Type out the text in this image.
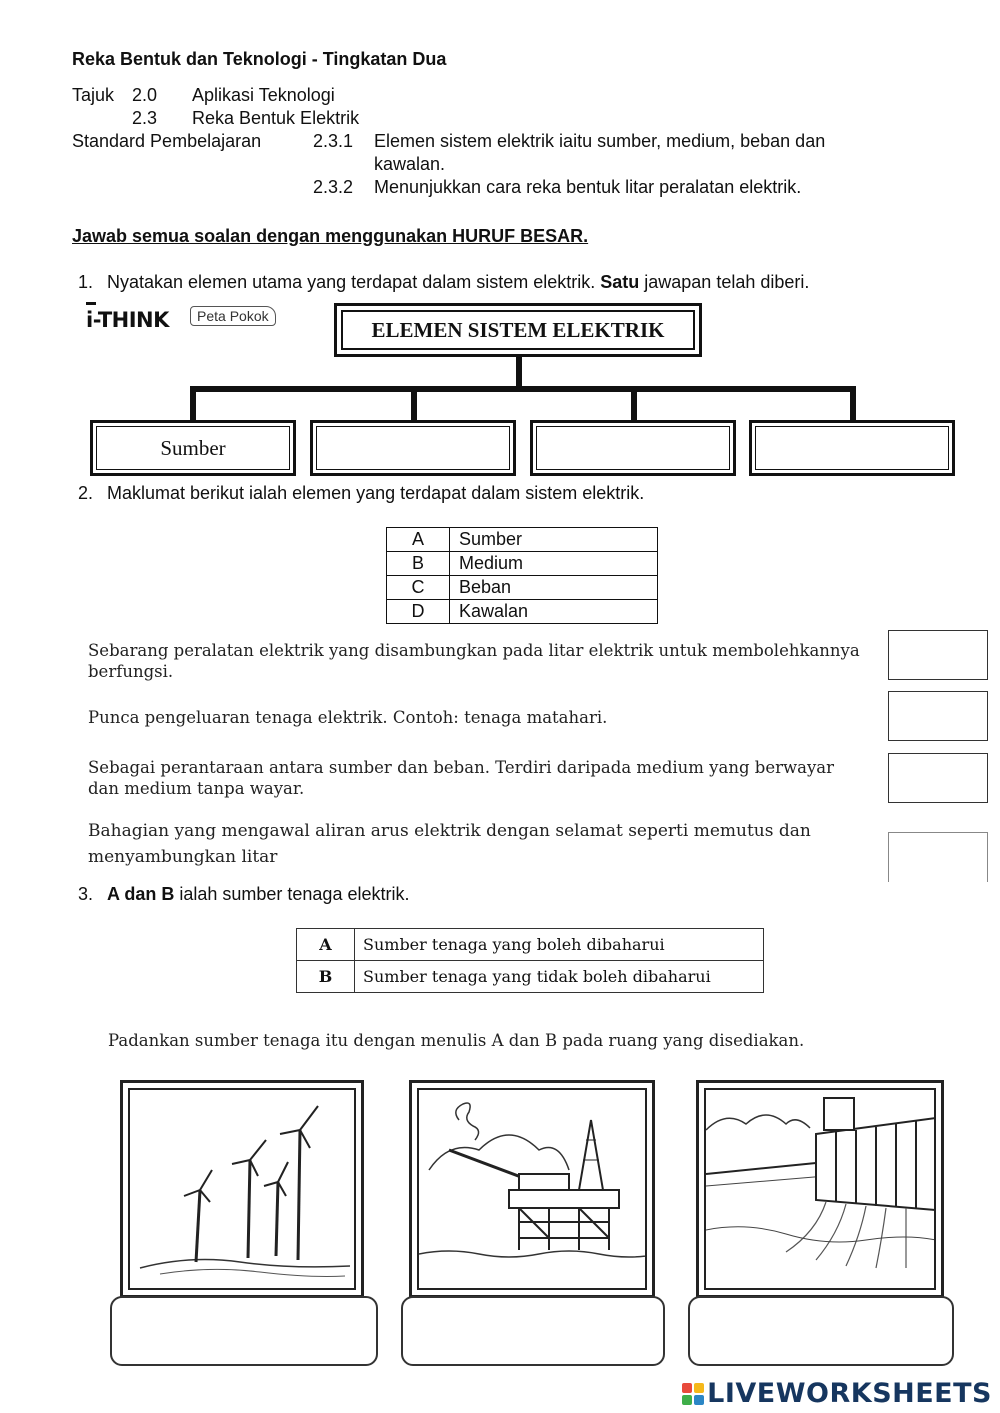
Reka Bentuk dan Teknologi - Tingkatan Dua
Tajuk 2.0 Aplikasi Teknologi
2.3 Reka Bentuk Elektrik
Standard Pembelajaran	2.3.1 Elemen sistem elektrik iaitu sumber, medium, beban dan
kawalan.
2.3.2 Menunjukkan cara reka bentuk litar peralatan elektrik.
Jawab semua soalan dengan menggunakan HURUF BESAR.
1. Nyatakan elemen utama yang terdapat dalam sistem elektrik. Satu jawapan telah diberi.
i-THINK	Peta Pokok
ELEMEN SISTEM ELEKTRIK
Sumber
2. Maklumat berikut ialah elemen yang terdapat dalam sistem elektrik.
A	Sumber
B	Medium
C	Beban
D	Kawalan
Sebarang peralatan elektrik yang disambungkan pada litar elektrik untuk membolehkannya
berfungsi.
Punca pengeluaran tenaga elektrik. Contoh: tenaga matahari.
Sebagai perantaraan antara sumber dan beban. Terdiri daripada medium yang berwayar
dan medium tanpa wayar.
Bahagian yang mengawal aliran arus elektrik dengan selamat seperti memutus dan
menyambungkan litar
3. A dan B ialah sumber tenaga elektrik.
A	Sumber tenaga yang boleh dibaharui
B	Sumber tenaga yang tidak boleh dibaharui
Padankan sumber tenaga itu dengan menulis A dan B pada ruang yang disediakan.
LIVEWORKSHEETS
